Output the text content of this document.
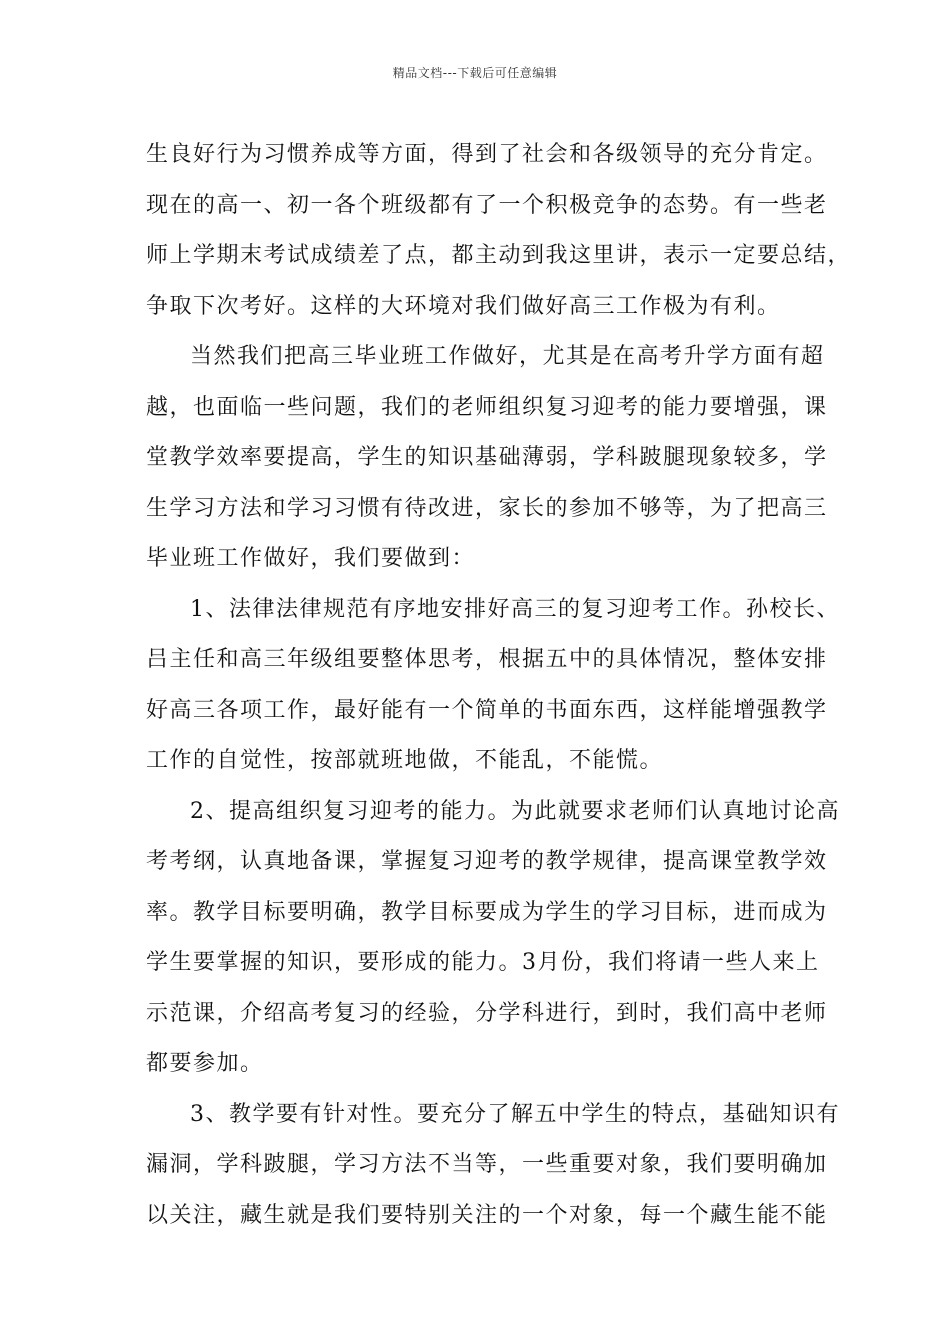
精品文档---下载后可任意编辑
生良好行为习惯养成等方面，得到了社会和各级领导的充分肯定。
现在的高一、初一各个班级都有了一个积极竞争的态势。有一些老
师上学期末考试成绩差了点，都主动到我这里讲，表示一定要总结，
争取下次考好。这样的大环境对我们做好高三工作极为有利。
当然我们把高三毕业班工作做好，尤其是在高考升学方面有超
越，也面临一些问题，我们的老师组织复习迎考的能力要增强，课
堂教学效率要提高，学生的知识基础薄弱，学科跛腿现象较多，学
生学习方法和学习习惯有待改进，家长的参加不够等，为了把高三
毕业班工作做好，我们要做到：
1、法律法律规范有序地安排好高三的复习迎考工作。孙校长、
吕主任和高三年级组要整体思考，根据五中的具体情况，整体安排
好高三各项工作，最好能有一个简单的书面东西，这样能增强教学
工作的自觉性，按部就班地做，不能乱，不能慌。
2、提高组织复习迎考的能力。为此就要求老师们认真地讨论高
考考纲，认真地备课，掌握复习迎考的教学规律，提高课堂教学效
率。教学目标要明确，教学目标要成为学生的学习目标，进而成为
学生要掌握的知识，要形成的能力。3月份，我们将请一些人来上
示范课，介绍高考复习的经验，分学科进行，到时，我们高中老师
都要参加。
3、教学要有针对性。要充分了解五中学生的特点，基础知识有
漏洞，学科跛腿，学习方法不当等，一些重要对象，我们要明确加
以关注，藏生就是我们要特别关注的一个对象，每一个藏生能不能
